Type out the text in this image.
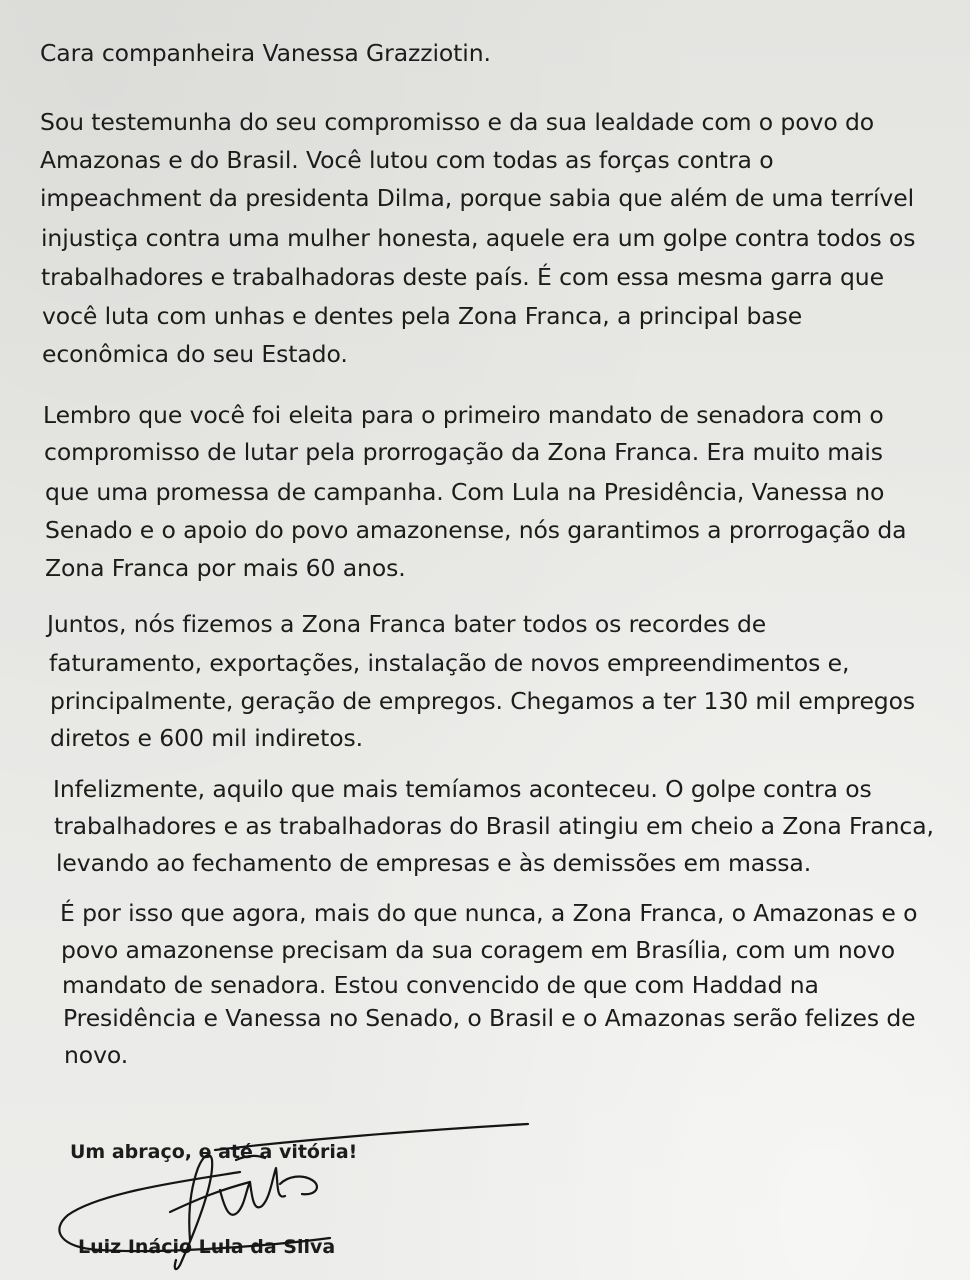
Cara companheira Vanessa Grazziotin.
Sou testemunha do seu compromisso e da sua lealdade com o povo do
Amazonas e do Brasil. Você lutou com todas as forças contra o
impeachment da presidenta Dilma, porque sabia que além de uma terrível
injustiça contra uma mulher honesta, aquele era um golpe contra todos os
trabalhadores e trabalhadoras deste país. É com essa mesma garra que
você luta com unhas e dentes pela Zona Franca, a principal base
econômica do seu Estado.
Lembro que você foi eleita para o primeiro mandato de senadora com o
compromisso de lutar pela prorrogação da Zona Franca. Era muito mais
que uma promessa de campanha. Com Lula na Presidência, Vanessa no
Senado e o apoio do povo amazonense, nós garantimos a prorrogação da
Zona Franca por mais 60 anos.
Juntos, nós fizemos a Zona Franca bater todos os recordes de
faturamento, exportações, instalação de novos empreendimentos e,
principalmente, geração de empregos. Chegamos a ter 130 mil empregos
diretos e 600 mil indiretos.
Infelizmente, aquilo que mais temíamos aconteceu. O golpe contra os
trabalhadores e as trabalhadoras do Brasil atingiu em cheio a Zona Franca,
levando ao fechamento de empresas e às demissões em massa.
É por isso que agora, mais do que nunca, a Zona Franca, o Amazonas e o
povo amazonense precisam da sua coragem em Brasília, com um novo
mandato de senadora. Estou convencido de que com Haddad na
Presidência e Vanessa no Senado, o Brasil e o Amazonas serão felizes de
novo.
Um abraço, e até a vitória!
Luiz Inácio Lula da Silva
